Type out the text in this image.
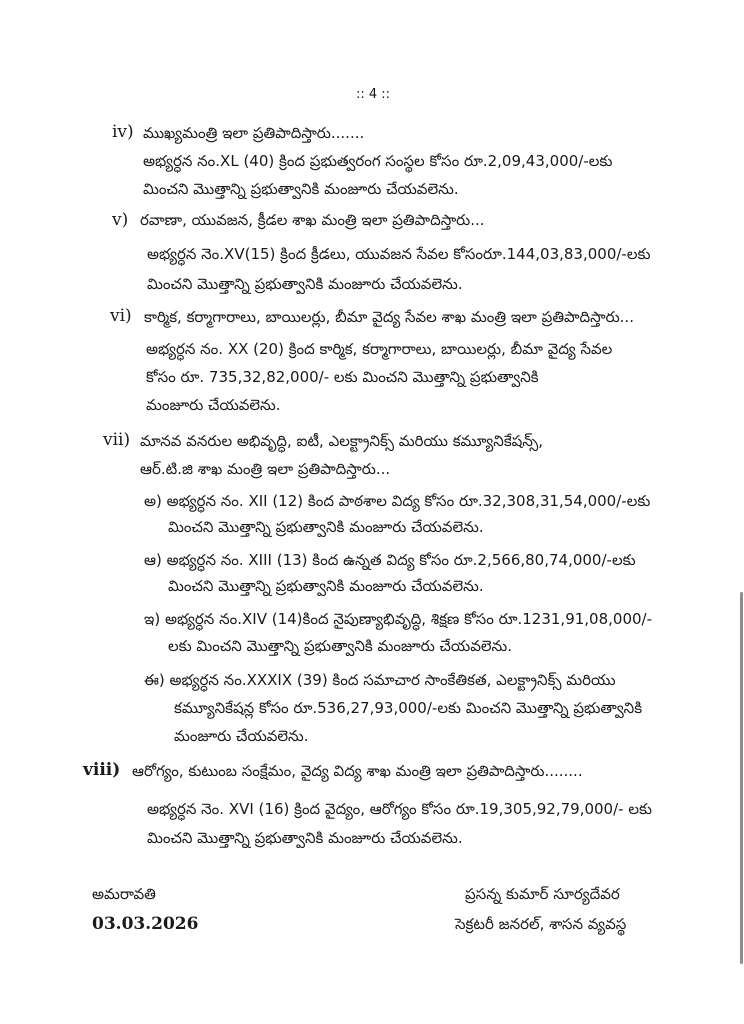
:: 4 ::
iv) ముఖ్యమంత్రి ఇలా ప్రతిపాదిస్తారు.......
అభ్యర్ధన నం.XL (40) క్రింద ప్రభుత్వరంగ సంస్థల కోసం రూ.2,09,43,000/-లకు
మించని మొత్తాన్ని ప్రభుత్వానికి మంజూరు చేయవలెను.
v) రవాణా, యువజన, క్రీడల శాఖ మంత్రి ఇలా ప్రతిపాదిస్తారు...
అభ్యర్ధన నెం.XV(15) క్రింద క్రీడలు, యువజన సేవల కోసంరూ.144,03,83,000/-లకు
మించని మొత్తాన్ని ప్రభుత్వానికి మంజూరు చేయవలెను.
vi) కార్మిక, కర్మాగారాలు, బాయిలర్లు, బీమా వైద్య సేవల శాఖ మంత్రి ఇలా ప్రతిపాదిస్తారు...
అభ్యర్ధన నం. XX (20) క్రింద కార్మిక, కర్మాగారాలు, బాయిలర్లు, బీమా వైద్య సేవల
కోసం రూ. 735,32,82,000/- లకు మించని మొత్తాన్ని ప్రభుత్వానికి
మంజూరు చేయవలెను.
vii) మానవ వనరుల అభివృద్ధి, ఐటీ, ఎలక్ట్రానిక్స్ మరియు కమ్యూనికేషన్స్,
ఆర్.టి.జి శాఖ మంత్రి ఇలా ప్రతిపాదిస్తారు...
అ) అభ్యర్ధన నం. XII (12) కింద పాఠశాల విద్య కోసం రూ.32,308,31,54,000/-లకు
మించని మొత్తాన్ని ప్రభుత్వానికి మంజూరు చేయవలెను.
ఆ) అభ్యర్ధన నం. XIII (13) కింద ఉన్నత విద్య కోసం రూ.2,566,80,74,000/-లకు
మించని మొత్తాన్ని ప్రభుత్వానికి మంజూరు చేయవలెను.
ఇ) అభ్యర్ధన నం.XIV (14)కింద నైపుణ్యాభివృద్ధి, శిక్షణ కోసం రూ.1231,91,08,000/-
లకు మించని మొత్తాన్ని ప్రభుత్వానికి మంజూరు చేయవలెను.
ఈ) అభ్యర్ధన నం.XXXIX (39) కింద సమాచార సాంకేతికత, ఎలక్ట్రానిక్స్ మరియు
కమ్యూనికేషన్ల కోసం రూ.536,27,93,000/-లకు మించని మొత్తాన్ని ప్రభుత్వానికి
మంజూరు చేయవలెను.
viii) ఆరోగ్యం, కుటుంబ సంక్షేమం, వైద్య విద్య శాఖ మంత్రి ఇలా ప్రతిపాదిస్తారు........
అభ్యర్ధన నెం. XVI (16) క్రింద వైద్యం, ఆరోగ్యం కోసం రూ.19,305,92,79,000/- లకు
మించని మొత్తాన్ని ప్రభుత్వానికి మంజూరు చేయవలెను.
అమరావతి
03.03.2026
ప్రసన్న కుమార్ సూర్యదేవర
సెక్రటరీ జనరల్, శాసన వ్యవస్థ
